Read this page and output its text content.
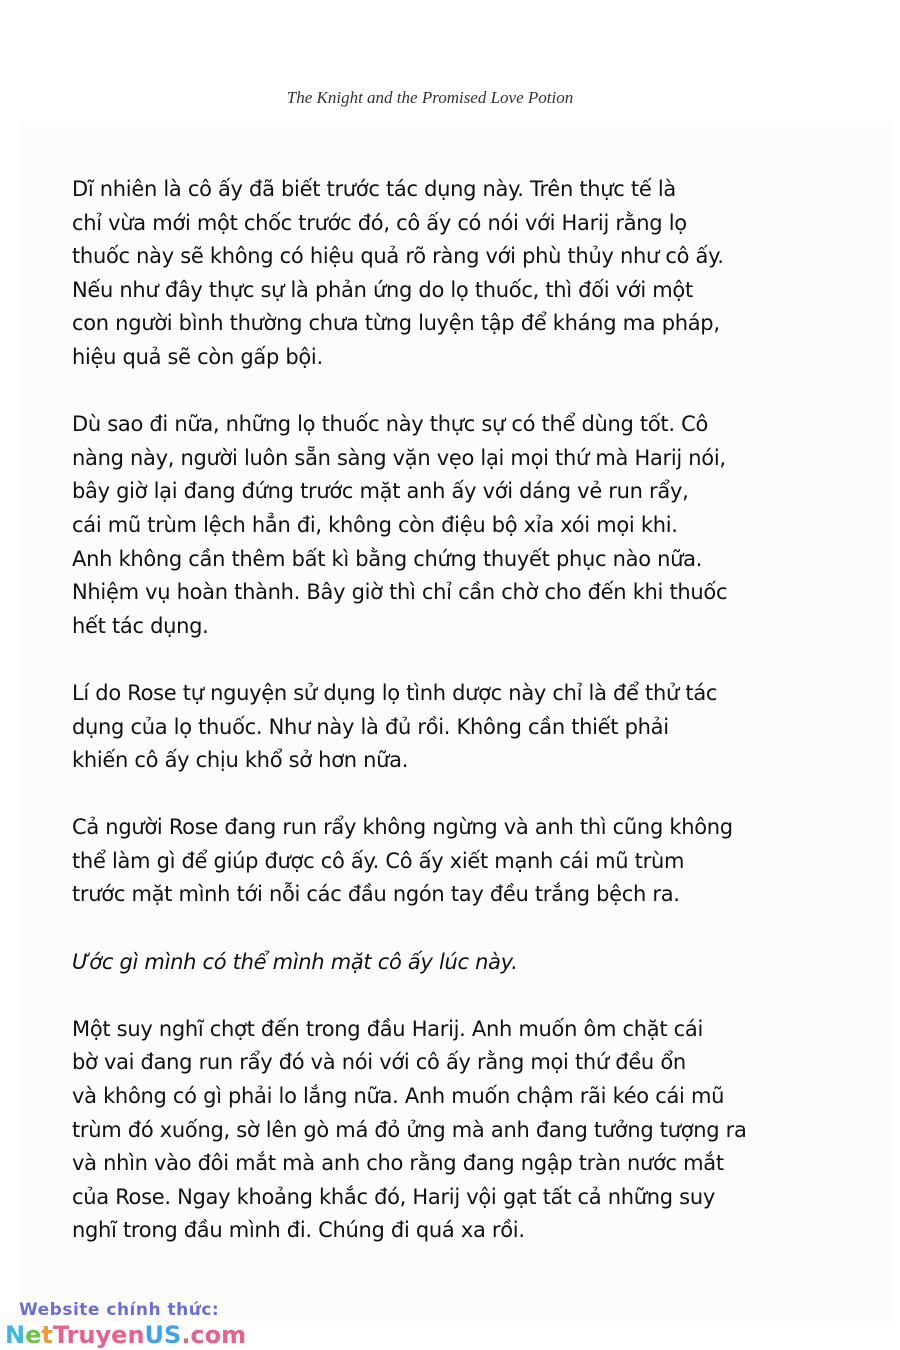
The Knight and the Promised Love Potion
Dĩ nhiên là cô ấy đã biết trước tác dụng này. Trên thực tế là
chỉ vừa mới một chốc trước đó, cô ấy có nói với Harij rằng lọ
thuốc này sẽ không có hiệu quả rõ ràng với phù thủy như cô ấy.
Nếu như đây thực sự là phản ứng do lọ thuốc, thì đối với một
con người bình thường chưa từng luyện tập để kháng ma pháp,
hiệu quả sẽ còn gấp bội.
Dù sao đi nữa, những lọ thuốc này thực sự có thể dùng tốt. Cô
nàng này, người luôn sẵn sàng vặn vẹo lại mọi thứ mà Harij nói,
bây giờ lại đang đứng trước mặt anh ấy với dáng vẻ run rẩy,
cái mũ trùm lệch hẳn đi, không còn điệu bộ xỉa xói mọi khi.
Anh không cần thêm bất kì bằng chứng thuyết phục nào nữa.
Nhiệm vụ hoàn thành. Bây giờ thì chỉ cần chờ cho đến khi thuốc
hết tác dụng.
Lí do Rose tự nguyện sử dụng lọ tình dược này chỉ là để thử tác
dụng của lọ thuốc. Như này là đủ rồi. Không cần thiết phải
khiến cô ấy chịu khổ sở hơn nữa.
Cả người Rose đang run rẩy không ngừng và anh thì cũng không
thể làm gì để giúp được cô ấy. Cô ấy xiết mạnh cái mũ trùm
trước mặt mình tới nỗi các đầu ngón tay đều trắng bệch ra.
Ước gì mình có thể mình mặt cô ấy lúc này.
Một suy nghĩ chợt đến trong đầu Harij. Anh muốn ôm chặt cái
bờ vai đang run rẩy đó và nói với cô ấy rằng mọi thứ đều ổn
và không có gì phải lo lắng nữa. Anh muốn chậm rãi kéo cái mũ
trùm đó xuống, sờ lên gò má đỏ ửng mà anh đang tưởng tượng ra
và nhìn vào đôi mắt mà anh cho rằng đang ngập tràn nước mắt
của Rose. Ngay khoảng khắc đó, Harij vội gạt tất cả những suy
nghĩ trong đầu mình đi. Chúng đi quá xa rồi.
Website chính thức:
NetTruyenUS.com
